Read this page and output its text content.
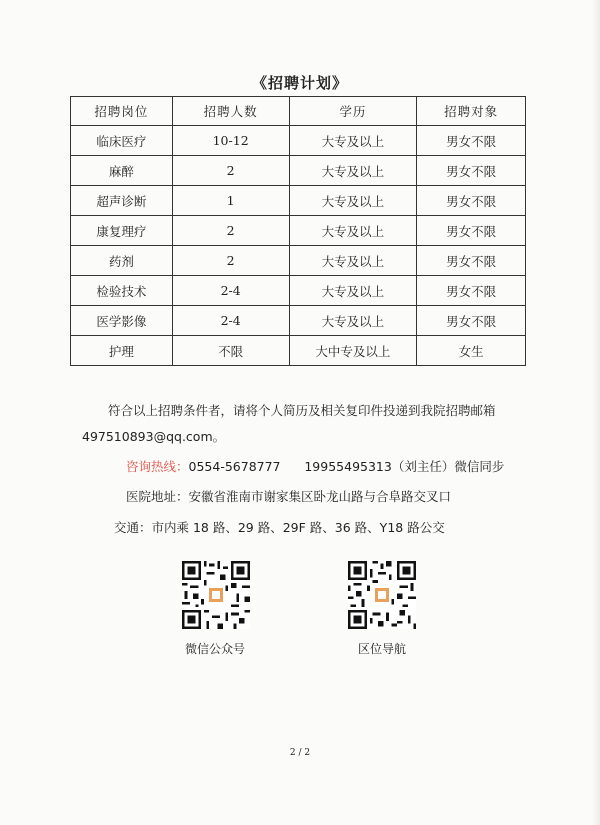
《招聘计划》
招聘岗位	招聘人数	学历	招聘对象
临床医疗	10-12	大专及以上	男女不限
麻醉	2	大专及以上	男女不限
超声诊断	1	大专及以上	男女不限
康复理疗	2	大专及以上	男女不限
药剂	2	大专及以上	男女不限
检验技术	2-4	大专及以上	男女不限
医学影像	2-4	大专及以上	男女不限
护理	不限	大中专及以上	女生
符合以上招聘条件者，请将个人简历及相关复印件投递到我院招聘邮箱
497510893@qq.com。
咨询热线：0554-5678777      19955495313（刘主任）微信同步
医院地址：安徽省淮南市谢家集区卧龙山路与合阜路交叉口
交通：市内乘 18 路、29 路、29F 路、36 路、Y18 路公交
微信公众号	区位导航
2 / 2
